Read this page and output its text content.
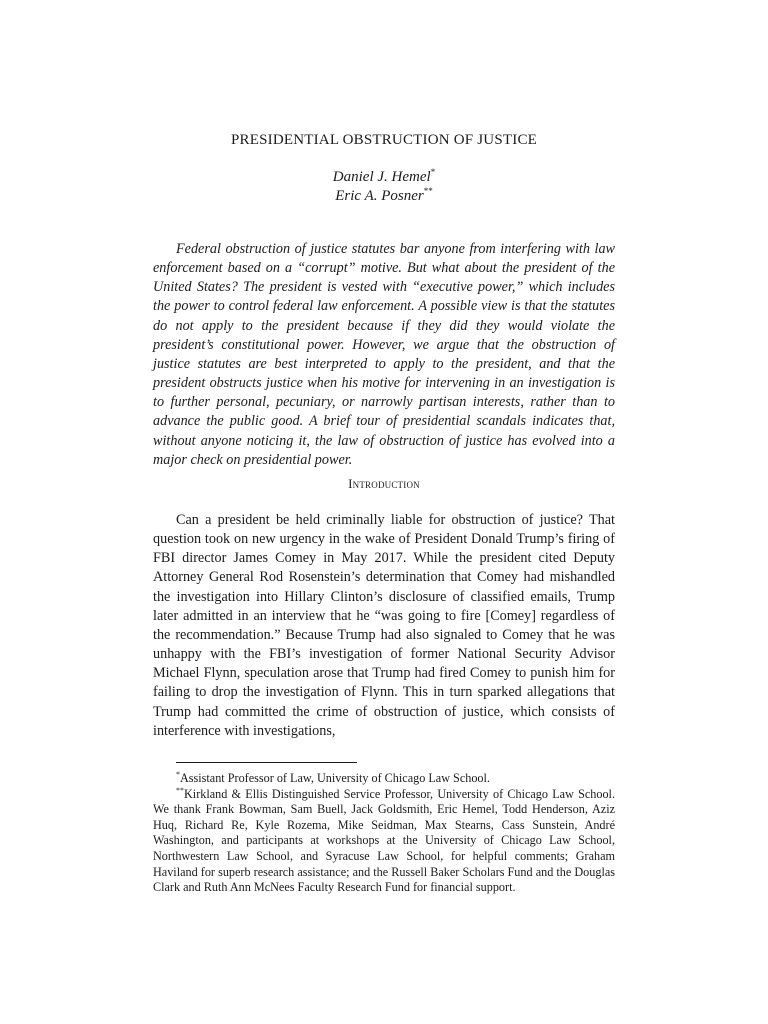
PRESIDENTIAL OBSTRUCTION OF JUSTICE
Daniel J. Hemel*
Eric A. Posner**

Federal obstruction of justice statutes bar anyone from interfering with law enforcement based on a “corrupt” motive. But what about the president of the United States? The president is vested with “executive power,” which includes the power to control federal law enforcement. A possible view is that the statutes do not apply to the president because if they did they would violate the president’s constitutional power. However, we argue that the obstruction of justice statutes are best interpreted to apply to the president, and that the president obstructs justice when his motive for intervening in an investigation is to further personal, pecuniary, or narrowly partisan interests, rather than to advance the public good. A brief tour of presidential scandals indicates that, without anyone noticing it, the law of obstruction of justice has evolved into a major check on presidential power.

Introduction

Can a president be held criminally liable for obstruction of justice? That question took on new urgency in the wake of President Donald Trump’s firing of FBI director James Comey in May 2017. While the president cited Deputy Attorney General Rod Rosenstein’s determination that Comey had mishandled the investigation into Hillary Clinton’s disclosure of classified emails, Trump later admitted in an interview that he “was going to fire [Comey] regardless of the recommendation.” Because Trump had also signaled to Comey that he was unhappy with the FBI’s investigation of former National Security Advisor Michael Flynn, speculation arose that Trump had fired Comey to punish him for failing to drop the investigation of Flynn. This in turn sparked allegations that Trump had committed the crime of obstruction of justice, which consists of interference with investigations,

*Assistant Professor of Law, University of Chicago Law School.

**Kirkland & Ellis Distinguished Service Professor, University of Chicago Law School. We thank Frank Bowman, Sam Buell, Jack Goldsmith, Eric Hemel, Todd Henderson, Aziz Huq, Richard Re, Kyle Rozema, Mike Seidman, Max Stearns, Cass Sunstein, André Washington, and participants at workshops at the University of Chicago Law School, Northwestern Law School, and Syracuse Law School, for helpful comments; Graham Haviland for superb research assistance; and the Russell Baker Scholars Fund and the Douglas Clark and Ruth Ann McNees Faculty Research Fund for financial support.
